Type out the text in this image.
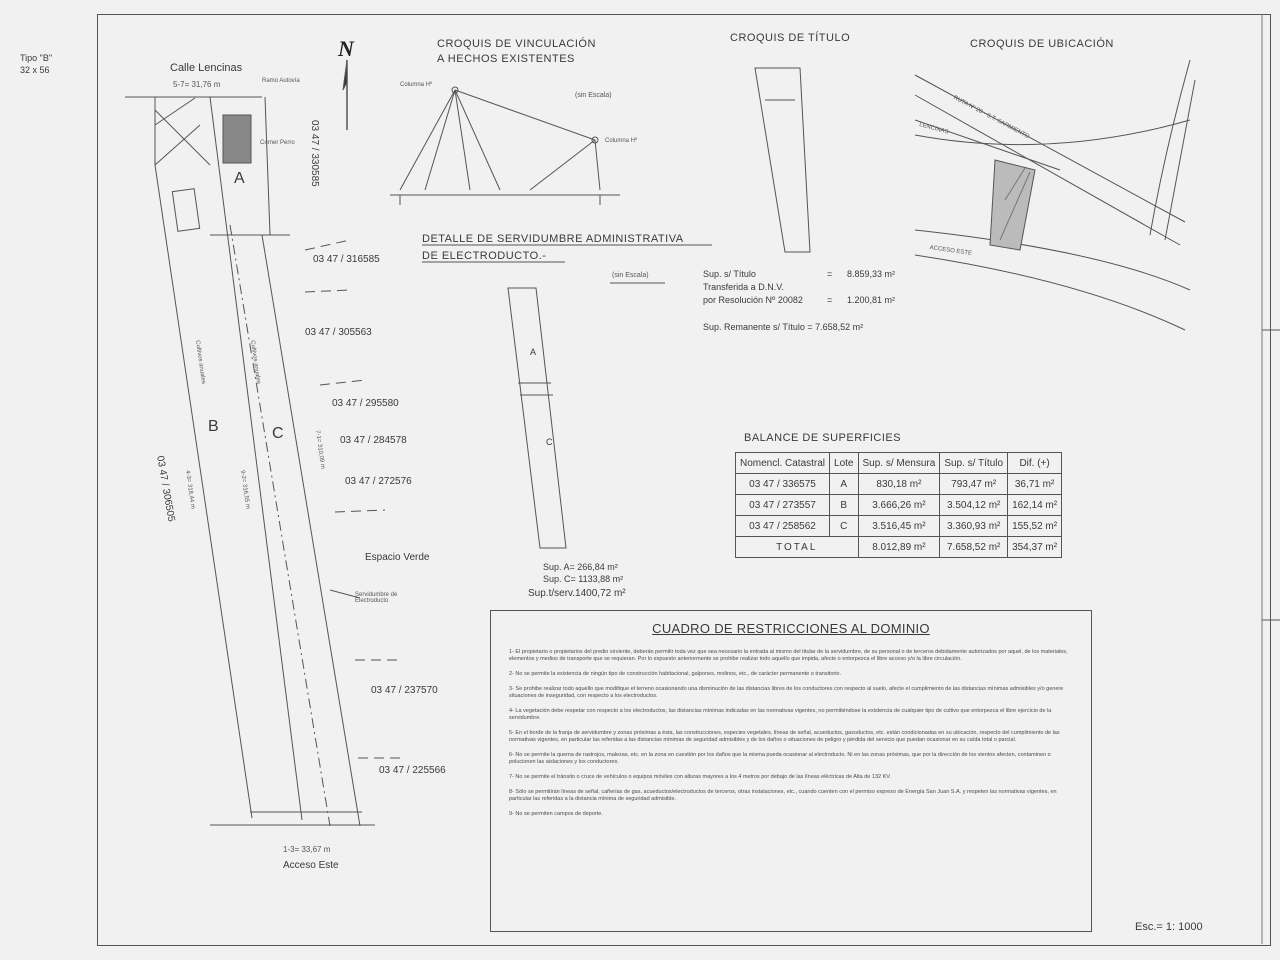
Tipo "B"
32 x 56
N
Calle Lencinas
5-7= 31,76 m	Ramo Autovía
Corner Perro
A
B	C
Cultivos anuales	Cultivos anuales
4-3= 318,44 m	9-2= 316,55 m
7-1= 310,09 m
03 47 / 306505
Espacio Verde
Servidumbre de Electroducto
1-3= 33,67 m
Acceso Este
03 47 / 330585
03 47 / 316585
03 47 / 305563
03 47 / 295580
03 47 / 284578
03 47 / 272576
03 47 / 237570
03 47 / 225566
CROQUIS DE VINCULACIÓN
A HECHOS EXISTENTES
(sin Escala)
Columna Hº
Columna Hº
CROQUIS DE TÍTULO
Sup. s/ Título	= 8.859,33 m²
Transferida a D.N.V.
por Resolución Nº 20082	= 1.200,81 m²
Sup. Remanente s/ Título = 7.658,52 m²
CROQUIS DE UBICACIÓN
RUTA Nº 20 - S.T. SARMIENTO
LENCINAS
ACCESO ESTE
DETALLE DE SERVIDUMBRE ADMINISTRATIVA
DE ELECTRODUCTO.-
(sin Escala)
A
C
Sup. A= 266,84 m²
Sup. C= 1133,88 m²
Sup.t/serv.1400,72 m²
BALANCE DE SUPERFICIES
Nomencl. Catastral	Lote	Sup. s/ Mensura	Sup. s/ Título	Dif. (+)
03 47 / 336575	A	830,18 m²	793,47 m²	36,71 m²
03 47 / 273557	B	3.666,26 m²	3.504,12 m²	162,14 m²
03 47 / 258562	C	3.516,45 m²	3.360,93 m²	155,52 m²
TOTAL		8.012,89 m²	7.658,52 m²	354,37 m²
CUADRO DE RESTRICCIONES AL DOMINIO
1- El propietario o propietarios del predio sirviente, deberán permitir toda vez que sea necesario la entrada al mismo del titular de la servidumbre, de su personal o de terceros debidamente autorizados por aquel, de los materiales, elementos y medios de transporte que se requieran. Por lo expuesto anteriormente se prohibe realizar todo aquello que impida, afecte o entorpezca el libre acceso y/o la libre circulación.
2- No se permite la existencia de ningún tipo de construcción habitacional, galpones, molinos, etc., de carácter permanente o transitorio.
3- Se prohibe realizar todo aquello que modifique el terreno ocasionando una disminución de las distancias libres de los conductores con respecto al suelo, afecte el cumplimiento de las distancias mínimas admisibles y/o genere situaciones de inseguridad, con respecto a los electroductos.
4- La vegetación debe respetar con respecto a los electroductos, las distancias mínimas indicadas en las normativas vigentes, no permitiéndose la existencia de cualquier tipo de cultivo que entorpezca el libre ejercicio de la servidumbre.
5- En el borde de la franja de servidumbre y zonas próximas a ésta, las construcciones, especies vegetales, líneas de señal, acueductos, gasoductos, etc. están condicionadas en su ubicación, respecto del cumplimiento de las normativas vigentes, en particular las referidas a las distancias mínimas de seguridad admisibles y de los daños o situaciones de peligro y pérdida del servicio que puedan ocasionar en su caída total o parcial.
6- No se permite la quema de rastrojos, malezas, etc. en la zona en cuestión por los daños que la misma pueda ocasionar al electroducto. Ni en las zonas próximas, que por la dirección de los vientos afecten, contaminen o polucionen las aislaciones y los conductores.
7- No se permite el tránsito o cruce de vehículos o equipos móviles con alturas mayores a los 4 metros por debajo de las líneas eléctricas de Alta de 132 KV.
8- Sólo se permitirán líneas de señal, cañerías de gas, acueductos/electroductos de terceros, otras instalaciones, etc., cuando cuenten con el permiso expreso de Energía San Juan S.A. y respeten las normativas vigentes, en particular las referidas a la distancia mínima de seguridad admisible.
9- No se permiten campos de deporte.
Esc.= 1: 1000
